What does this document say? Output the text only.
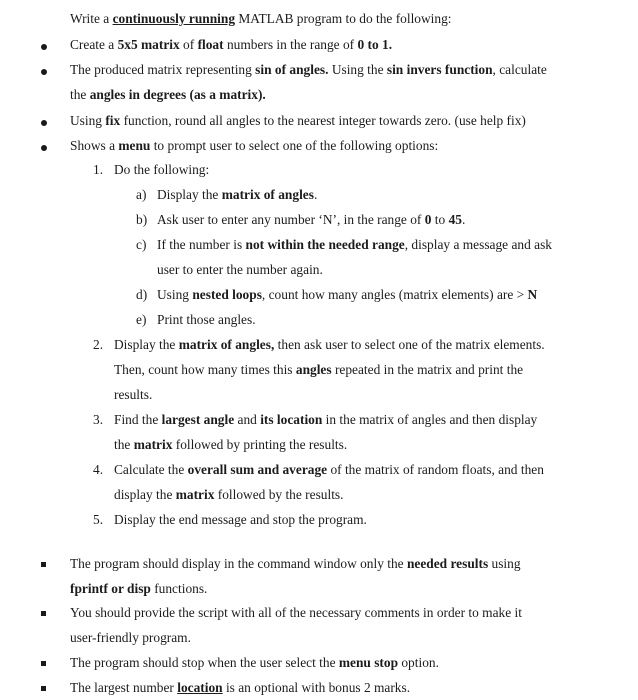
Write a continuously running MATLAB program to do the following:
Create a 5x5 matrix of float numbers in the range of 0 to 1.
The produced matrix representing sin of angles. Using the sin invers function, calculate
the angles in degrees (as a matrix).
Using fix function, round all angles to the nearest integer towards zero. (use help fix)
Shows a menu to prompt user to select one of the following options:
1. Do the following:
a) Display the matrix of angles.
b) Ask user to enter any number ‘N’, in the range of 0 to 45.
c) If the number is not within the needed range, display a message and ask
user to enter the number again.
d) Using nested loops, count how many angles (matrix elements) are > N
e) Print those angles.
2. Display the matrix of angles, then ask user to select one of the matrix elements.
Then, count how many times this angles repeated in the matrix and print the
results.
3. Find the largest angle and its location in the matrix of angles and then display
the matrix followed by printing the results.
4. Calculate the overall sum and average of the matrix of random floats, and then
display the matrix followed by the results.
5. Display the end message and stop the program.
The program should display in the command window only the needed results using
fprintf or disp functions.
You should provide the script with all of the necessary comments in order to make it
user-friendly program.
The program should stop when the user select the menu stop option.
The largest number location is an optional with bonus 2 marks.
